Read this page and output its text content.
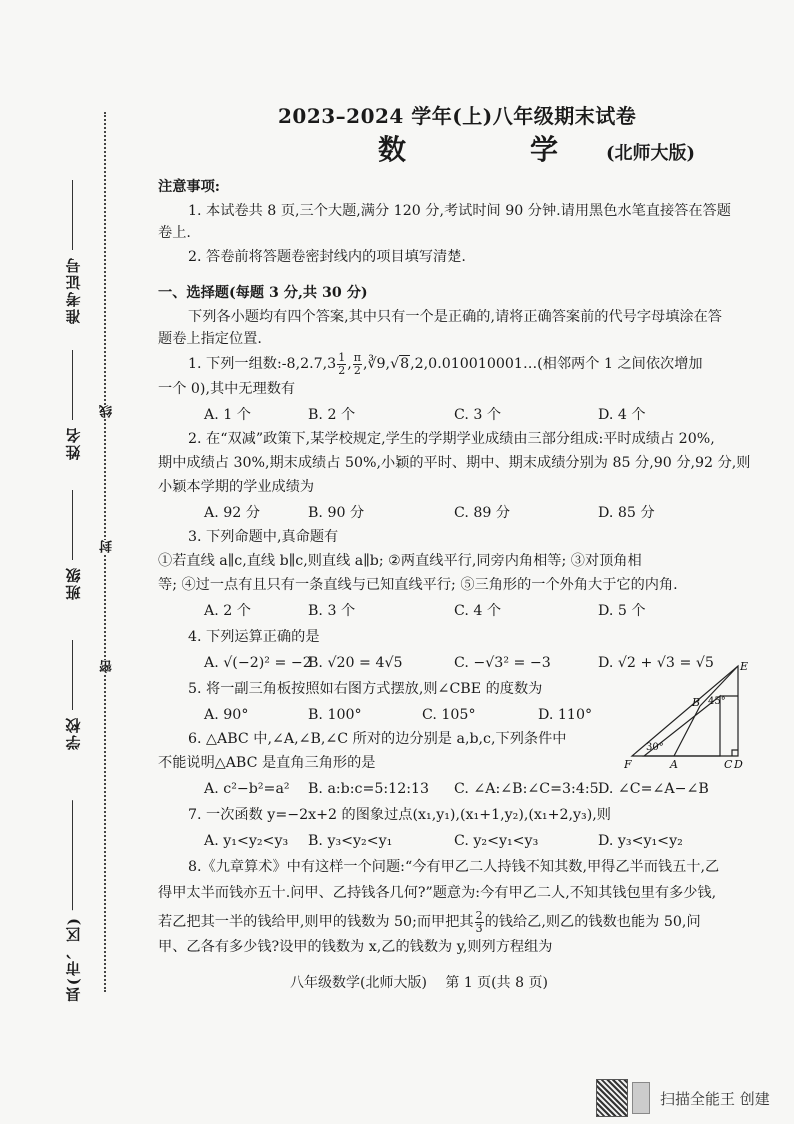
准考证号
姓名
班级
学校
县(市、区)
线
封
密
2023–2024 学年(上)八年级期末试卷
数　学(北师大版)
注意事项:
1. 本试卷共 8 页,三个大题,满分 120 分,考试时间 90 分钟.请用黑色水笔直接答在答题
卷上.
2. 答卷前将答题卷密封线内的项目填写清楚.
一、选择题(每题 3 分,共 30 分)
下列各小题均有四个答案,其中只有一个是正确的,请将正确答案前的代号字母填涂在答
题卷上指定位置.
1. 下列一组数:-8,2.7,3 $\frac{1}{2}$ , $\frac{\pi}{2}$ ,∛9,√8,2,0.010010001…(相邻两个 1 之间依次增加
一个 0),其中无理数有
A. 1 个	B. 2 个	C. 3 个	D. 4 个
2. 在“双减”政策下,某学校规定,学生的学期学业成绩由三部分组成:平时成绩占 20%,
期中成绩占 30%,期末成绩占 50%,小颖的平时、期中、期末成绩分别为 85 分,90 分,92 分,则
小颖本学期的学业成绩为
A. 92 分	B. 90 分	C. 89 分	D. 85 分
3. 下列命题中,真命题有
①若直线 a∥c,直线 b∥c,则直线 a∥b; ②两直线平行,同旁内角相等; ③对顶角相
等; ④过一点有且只有一条直线与已知直线平行; ⑤三角形的一个外角大于它的内角.
A. 2 个	B. 3 个	C. 4 个	D. 5 个
4. 下列运算正确的是
A. √(−2)² = −2
B. √20 = 4√5	C. −√3² = −3	D. √2 + √3 = √5
5. 将一副三角板按照如右图方式摆放,则∠CBE 的度数为
A. 90°	B. 100°	C. 105°	D. 110°
6. △ABC 中,∠A,∠B,∠C 所对的边分别是 a,b,c,下列条件中
不能说明△ABC 是直角三角形的是
A. c²−b²=a² B. a:b:c=5:12:13 C. ∠A:∠B:∠C=3:4:5 D. ∠C=∠A−∠B
7. 一次函数 y=−2x+2 的图象过点(x₁,y₁),(x₁+1,y₂),(x₁+2,y₃),则
A. y₁<y₂<y₃ B. y₃<y₂<y₁	C. y₂<y₁<y₃	D. y₃<y₁<y₂
8.《九章算术》中有这样一个问题:“今有甲乙二人持钱不知其数,甲得乙半而钱五十,乙
得甲太半而钱亦五十.问甲、乙持钱各几何?”题意为:今有甲乙二人,不知其钱包里有多少钱,
若乙把其一半的钱给甲,则甲的钱数为 50;而甲把其 $\frac{2}{3}$ 的钱给乙,则乙的钱数也能为 50,问
甲、乙各有多少钱?设甲的钱数为 x,乙的钱数为 y,则列方程组为
E
B 45°
30°
F	A	C D
八年级数学(北师大版)　 第 1 页(共 8 页)
扫描全能王 创建
